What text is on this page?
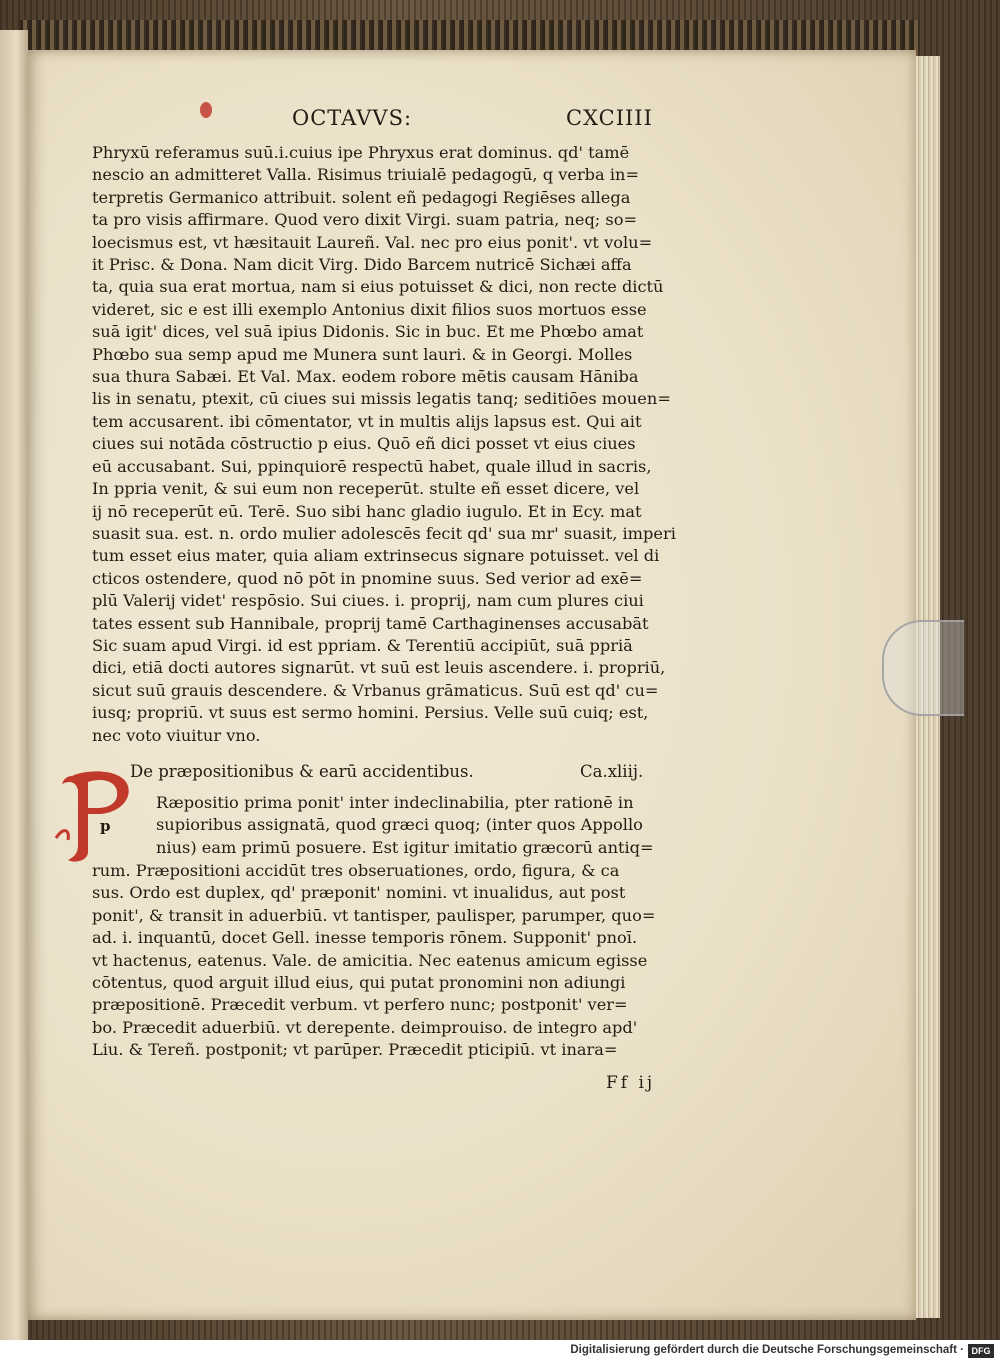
OCTAVVS:	CXCIIII
Phryxū referamus suū.i.cuius ipe Phryxus erat dominus. qd' tamē
nescio an admitteret Valla. Risimus triuialē pedagogū, q verba in=
terpretis Germanico attribuit. solent eñ pedagogi Regiēses allega
ta pro visis affirmare. Quod vero dixit Virgi. suam patria, neq; so=
loecismus est, vt hæsitauit Laureñ. Val. nec pro eius ponit'. vt volu=
it Prisc. & Dona. Nam dicit Virg. Dido Barcem nutricē Sichæi affa
ta, quia sua erat mortua, nam si eius potuisset & dici, non recte dictū
videret, sic e est illi exemplo Antonius dixit filios suos mortuos esse
suā igit' dices, vel suā ipius Didonis. Sic in buc. Et me Phœbo amat
Phœbo sua semp apud me Munera sunt lauri. & in Georgi. Molles
sua thura Sabæi. Et Val. Max. eodem robore mētis causam Hāniba
lis in senatu, ptexit, cū ciues sui missis legatis tanq; seditiōes mouen=
tem accusarent. ibi cōmentator, vt in multis alijs lapsus est. Qui ait
ciues sui notāda cōstructio p eius. Quō eñ dici posset vt eius ciues
eū accusabant. Sui, ppinquiorē respectū habet, quale illud in sacris,
In ppria venit, & sui eum non receperūt. stulte eñ esset dicere, vel
ij nō receperūt eū. Terē. Suo sibi hanc gladio iugulo. Et in Ecy. mat
suasit sua. est. n. ordo mulier adolescēs fecit qd' sua mr' suasit, imperi
tum esset eius mater, quia aliam extrinsecus signare potuisset. vel di
cticos ostendere, quod nō pōt in pnomine suus. Sed verior ad exē=
plū Valerij videt' respōsio. Sui ciues. i. proprij, nam cum plures ciui
tates essent sub Hannibale, proprij tamē Carthaginenses accusabāt
Sic suam apud Virgi. id est ppriam. & Terentiū accipiūt, suā ppriā
dici, etiā docti autores signarūt. vt suū est leuis ascendere. i. propriū,
sicut suū grauis descendere. & Vrbanus grāmaticus. Suū est qd' cu=
iusq; propriū. vt suus est sermo homini. Persius. Velle suū cuiq; est,
nec voto viuitur vno.
De præpositionibus & earū accidentibus.	Ca.xliij.
p
Ræpositio prima ponit' inter indeclinabilia, pter rationē in
supioribus assignatā, quod græci quoq; (inter quos Appollo
nius) eam primū posuere. Est igitur imitatio græcorū antiq=
rum. Præpositioni accidūt tres obseruationes, ordo, figura, & ca
sus. Ordo est duplex, qd' præponit' nomini. vt inualidus, aut post
ponit', & transit in aduerbiū. vt tantisper, paulisper, parumper, quo=
ad. i. inquantū, docet Gell. inesse temporis rōnem. Supponit' pnoī.
vt hactenus, eatenus. Vale. de amicitia. Nec eatenus amicum egisse
cōtentus, quod arguit illud eius, qui putat pronomini non adiungi
præpositionē. Præcedit verbum. vt perfero nunc; postponit' ver=
bo. Præcedit aduerbiū. vt derepente. deimprouiso. de integro apd'
Liu. & Tereñ. postponit; vt parūper. Præcedit pticipiū. vt inara=
Ff ij
Digitalisierung gefördert durch die Deutsche Forschungsgemeinschaft · DFG
